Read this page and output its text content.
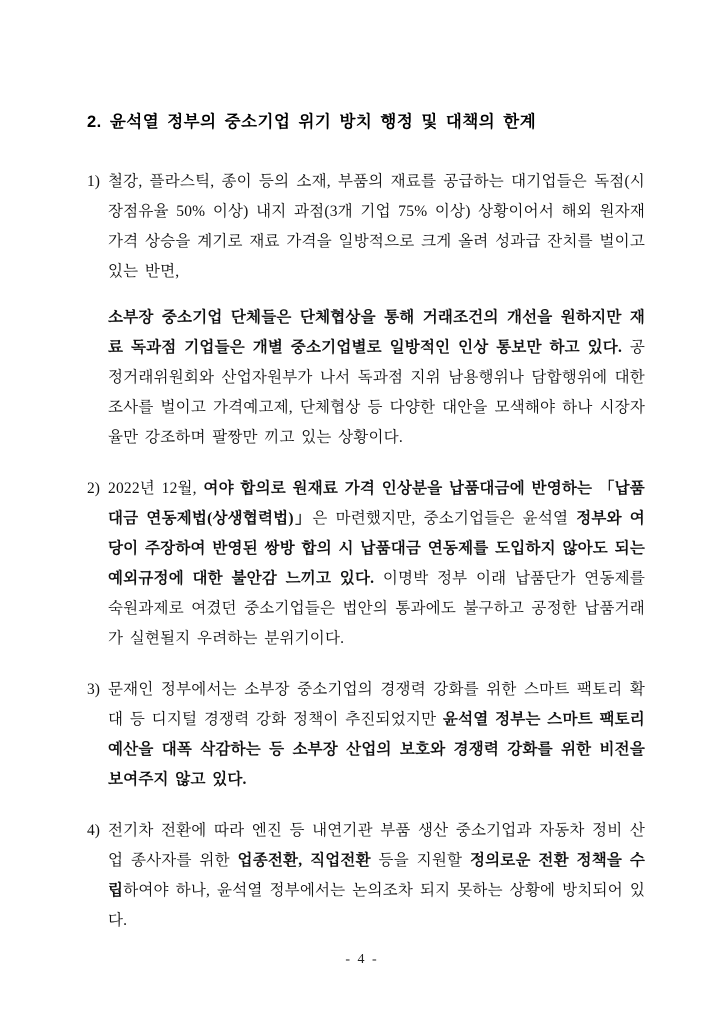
2. 윤석열 정부의 중소기업 위기 방치 행정 및 대책의 한계
1) 철강, 플라스틱, 종이 등의 소재, 부품의 재료를 공급하는 대기업들은 독점(시장점유율 50% 이상) 내지 과점(3개 기업 75% 이상) 상황이어서 해외 원자재 가격 상승을 계기로 재료 가격을 일방적으로 크게 올려 성과급 잔치를 벌이고 있는 반면,
소부장 중소기업 단체들은 단체협상을 통해 거래조건의 개선을 원하지만 재료 독과점 기업들은 개별 중소기업별로 일방적인 인상 통보만 하고 있다. 공정거래위원회와 산업자원부가 나서 독과점 지위 남용행위나 담합행위에 대한 조사를 벌이고 가격예고제, 단체협상 등 다양한 대안을 모색해야 하나 시장자율만 강조하며 팔짱만 끼고 있는 상황이다.
2) 2022년 12월, 여야 합의로 원재료 가격 인상분을 납품대금에 반영하는 「납품대금 연동제법(상생협력법)」은 마련했지만, 중소기업들은 윤석열 정부와 여당이 주장하여 반영된 쌍방 합의 시 납품대금 연동제를 도입하지 않아도 되는 예외규정에 대한 불안감 느끼고 있다. 이명박 정부 이래 납품단가 연동제를 숙원과제로 여겼던 중소기업들은 법안의 통과에도 불구하고 공정한 납품거래가 실현될지 우려하는 분위기이다.
3) 문재인 정부에서는 소부장 중소기업의 경쟁력 강화를 위한 스마트 팩토리 확대 등 디지털 경쟁력 강화 정책이 추진되었지만 윤석열 정부는 스마트 팩토리 예산을 대폭 삭감하는 등 소부장 산업의 보호와 경쟁력 강화를 위한 비전을 보여주지 않고 있다.
4) 전기차 전환에 따라 엔진 등 내연기관 부품 생산 중소기업과 자동차 정비 산업 종사자를 위한 업종전환, 직업전환 등을 지원할 정의로운 전환 정책을 수립하여야 하나, 윤석열 정부에서는 논의조차 되지 못하는 상황에 방치되어 있다.
- 4 -
